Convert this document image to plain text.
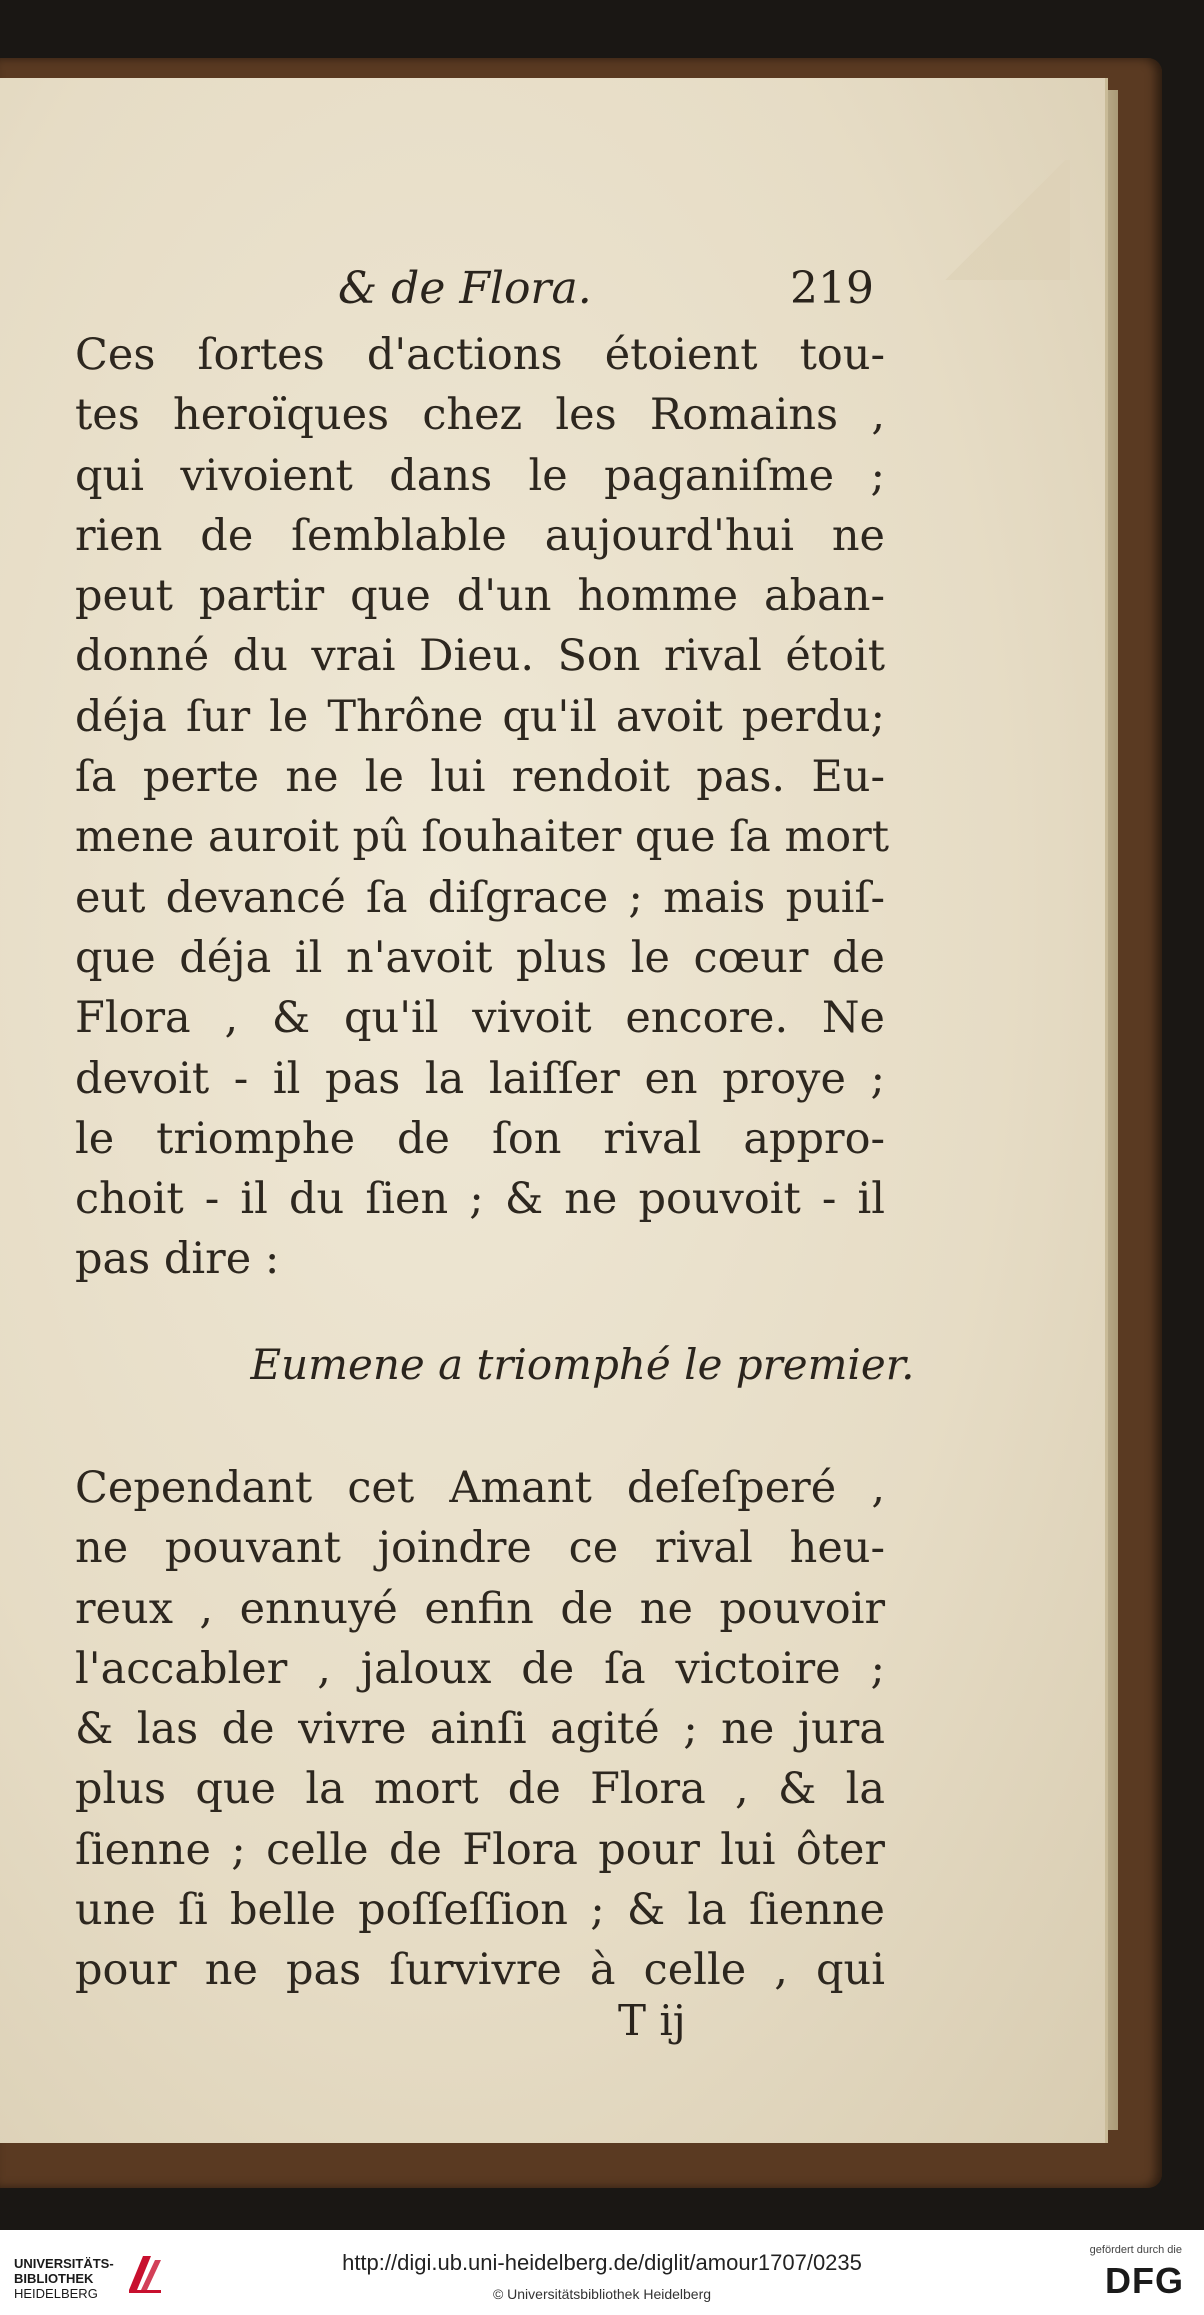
& de Flora.	219
Ces ſortes d'actions étoient tou-
tes heroïques chez les Romains ,
qui vivoient dans le paganiſme ;
rien de ſemblable aujourd'hui ne
peut partir que d'un homme aban-
donné du vrai Dieu. Son rival étoit
déja ſur le Thrône qu'il avoit perdu;
ſa perte ne le lui rendoit pas. Eu-
mene auroit pû ſouhaiter que ſa mort
eut devancé ſa diſgrace ; mais puiſ-
que déja il n'avoit plus le cœur de
Flora , & qu'il vivoit encore. Ne
devoit - il pas la laiſſer en proye ;
le triomphe de ſon rival appro-
choit - il du ſien ; & ne pouvoit - il
pas dire :
Eumene a triomphé le premier.
Cependant cet Amant deſeſperé ,
ne pouvant joindre ce rival heu-
reux , ennuyé enfin de ne pouvoir
l'accabler , jaloux de ſa victoire ;
& las de vivre ainſi agité ; ne jura
plus que la mort de Flora , & la
ſienne ; celle de Flora pour lui ôter
une ſi belle poſſeſſion ; & la ſienne
pour ne pas ſurvivre à celle , qui
T ij
UNIVERSITÄTS-
BIBLIOTHEK
HEIDELBERG
http://digi.ub.uni-heidelberg.de/diglit/amour1707/0235
© Universitätsbibliothek Heidelberg
gefördert durch die
DFG
